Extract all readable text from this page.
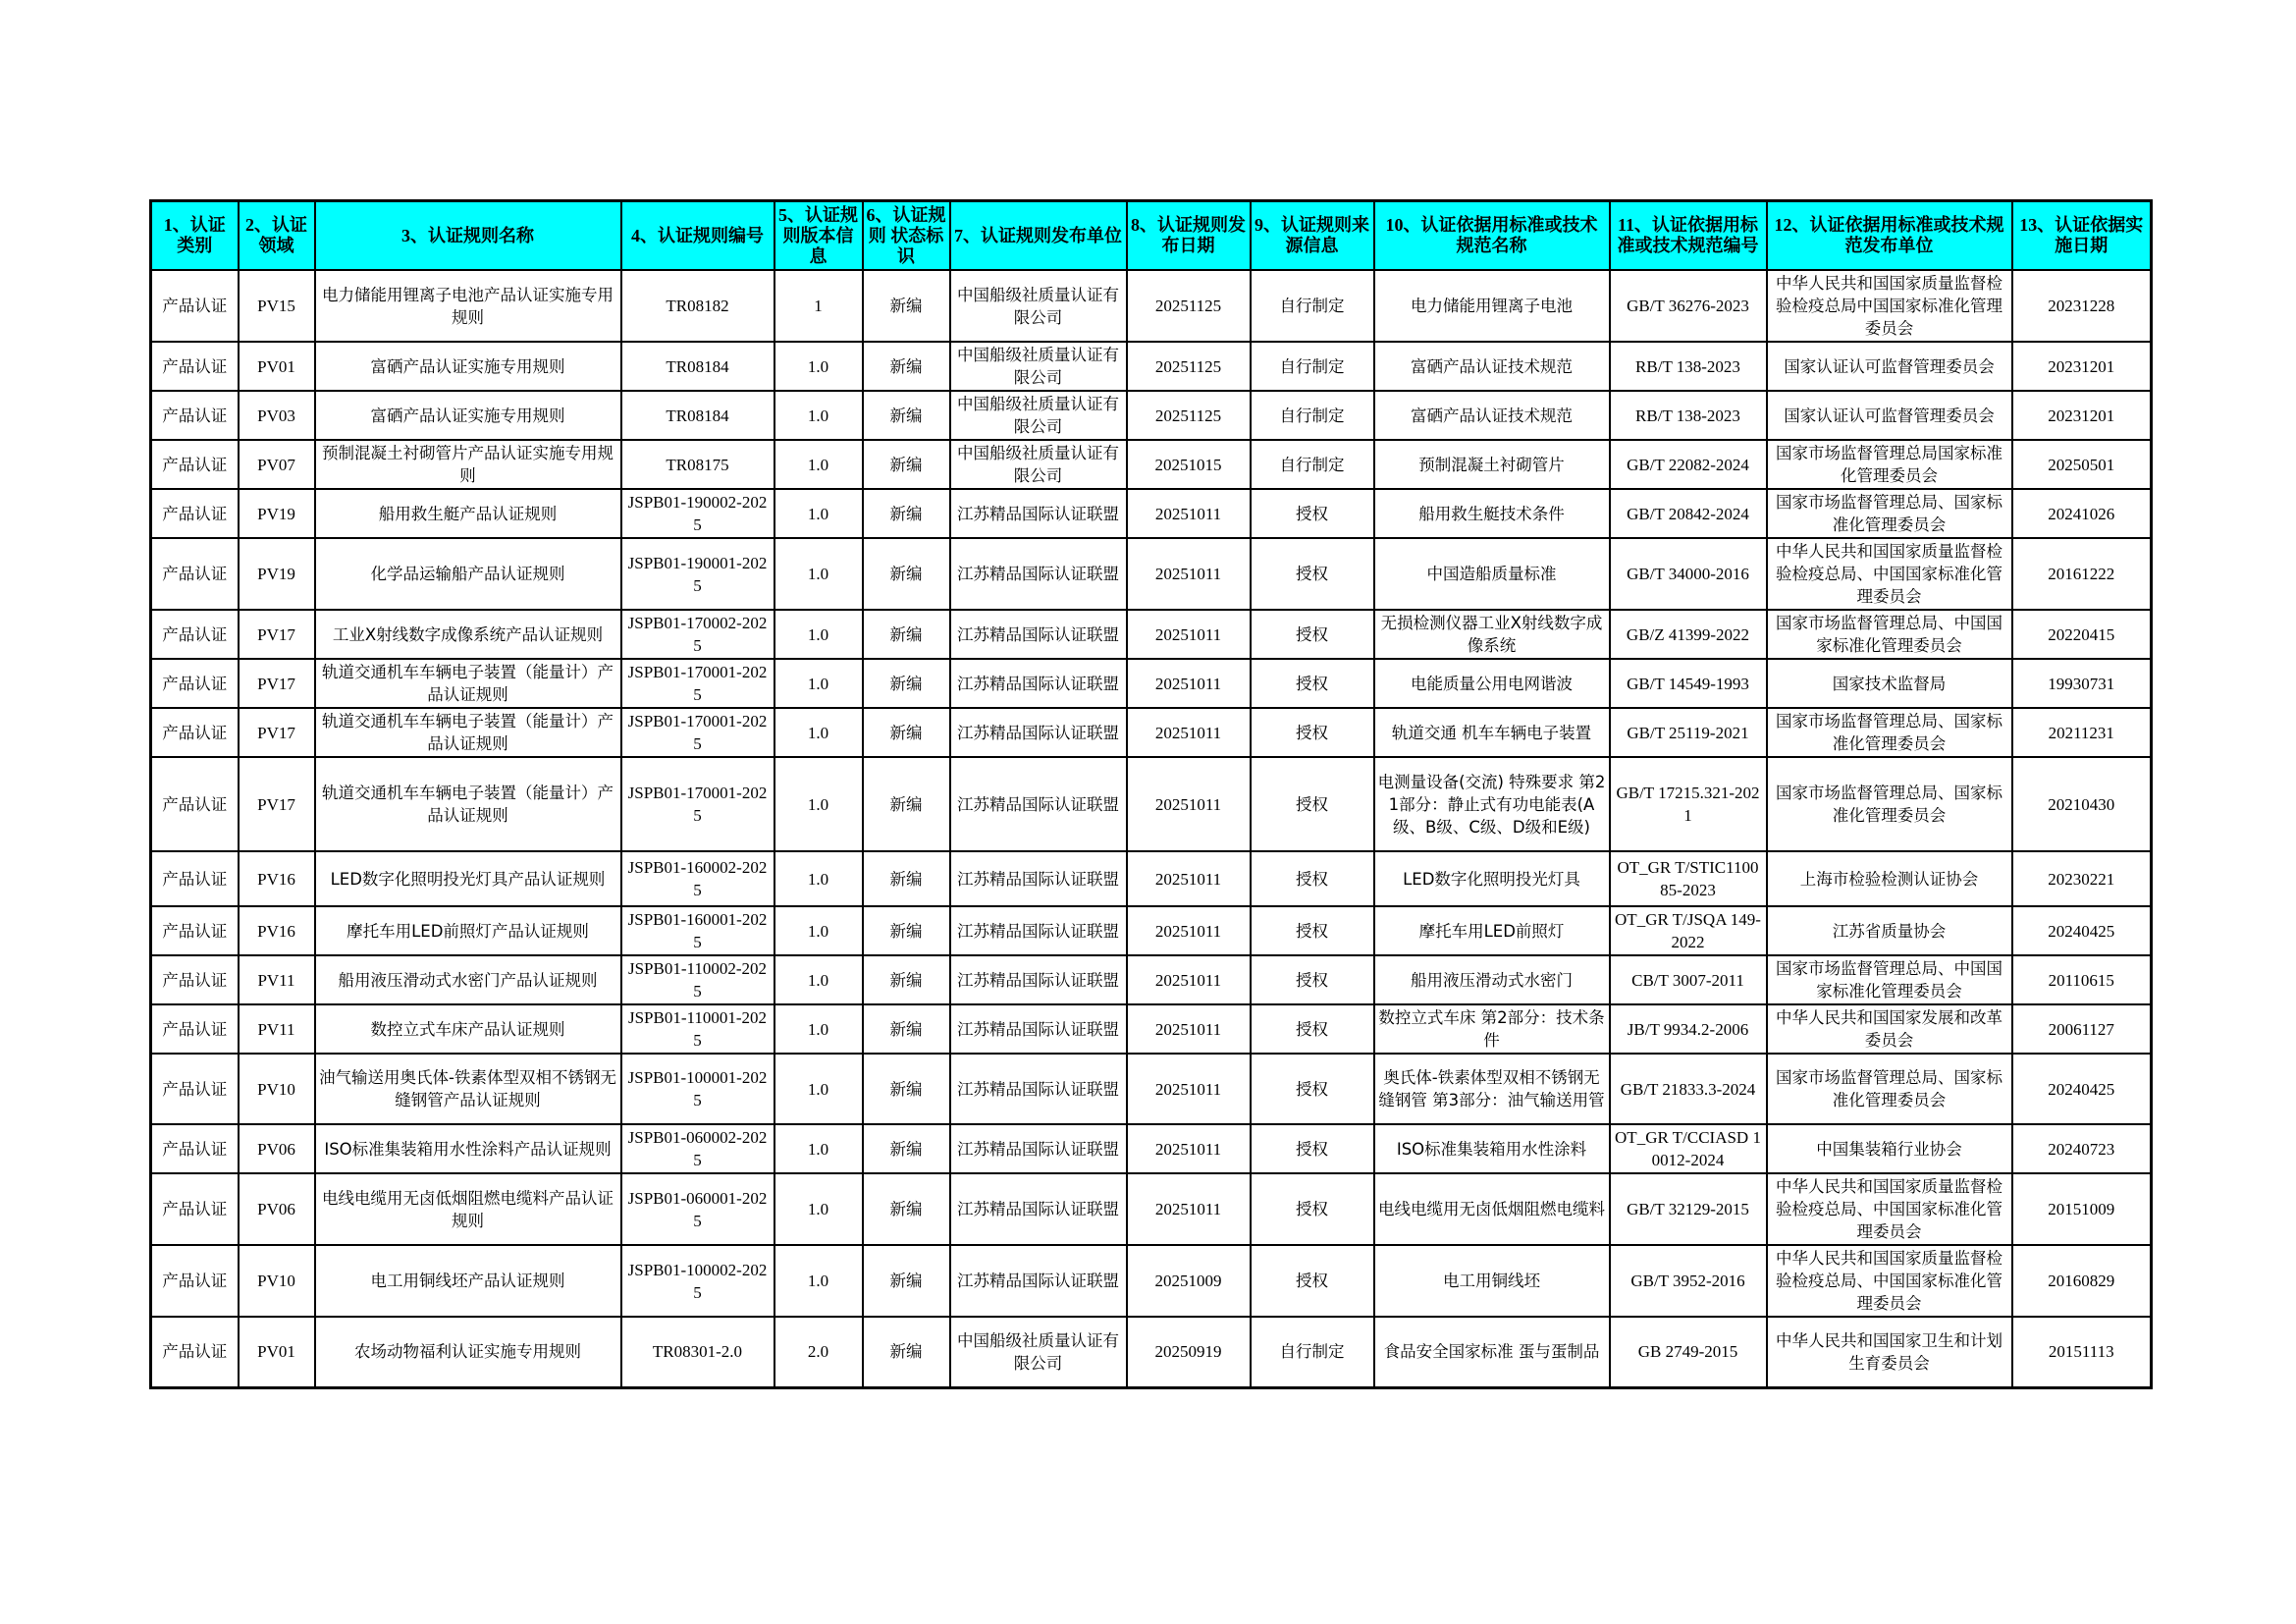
1、认证类别	2、认证领域	3、认证规则名称	4、认证规则编号	5、认证规则版本信息	6、认证规则 状态标识	7、认证规则发布单位	8、认证规则发布日期	9、认证规则来源信息	10、认证依据用标准或技术规范名称	11、认证依据用标准或技术规范编号	12、认证依据用标准或技术规范发布单位	13、认证依据实施日期
产品认证	PV15	电力储能用锂离子电池产品认证实施专用规则	TR08182	1	新编	中国船级社质量认证有限公司	20251125	自行制定	电力储能用锂离子电池	GB/T 36276-2023	中华人民共和国国家质量监督检验检疫总局中国国家标准化管理委员会	20231228
产品认证	PV01	富硒产品认证实施专用规则	TR08184	1.0	新编	中国船级社质量认证有限公司	20251125	自行制定	富硒产品认证技术规范	RB/T 138-2023	国家认证认可监督管理委员会	20231201
产品认证	PV03	富硒产品认证实施专用规则	TR08184	1.0	新编	中国船级社质量认证有限公司	20251125	自行制定	富硒产品认证技术规范	RB/T 138-2023	国家认证认可监督管理委员会	20231201
产品认证	PV07	预制混凝土衬砌管片产品认证实施专用规则	TR08175	1.0	新编	中国船级社质量认证有限公司	20251015	自行制定	预制混凝土衬砌管片	GB/T 22082-2024	国家市场监督管理总局国家标准化管理委员会	20250501
产品认证	PV19	船用救生艇产品认证规则	JSPB01-190002-2025	1.0	新编	江苏精品国际认证联盟	20251011	授权	船用救生艇技术条件	GB/T 20842-2024	国家市场监督管理总局、国家标准化管理委员会	20241026
产品认证	PV19	化学品运输船产品认证规则	JSPB01-190001-2025	1.0	新编	江苏精品国际认证联盟	20251011	授权	中国造船质量标准	GB/T 34000-2016	中华人民共和国国家质量监督检验检疫总局、中国国家标准化管理委员会	20161222
产品认证	PV17	工业X射线数字成像系统产品认证规则	JSPB01-170002-2025	1.0	新编	江苏精品国际认证联盟	20251011	授权	无损检测仪器工业X射线数字成像系统	GB/Z 41399-2022	国家市场监督管理总局、中国国家标准化管理委员会	20220415
产品认证	PV17	轨道交通机车车辆电子装置（能量计）产品认证规则	JSPB01-170001-2025	1.0	新编	江苏精品国际认证联盟	20251011	授权	电能质量公用电网谐波	GB/T 14549-1993	国家技术监督局	19930731
产品认证	PV17	轨道交通机车车辆电子装置（能量计）产品认证规则	JSPB01-170001-2025	1.0	新编	江苏精品国际认证联盟	20251011	授权	轨道交通 机车车辆电子装置	GB/T 25119-2021	国家市场监督管理总局、国家标准化管理委员会	20211231
产品认证	PV17	轨道交通机车车辆电子装置（能量计）产品认证规则	JSPB01-170001-2025	1.0	新编	江苏精品国际认证联盟	20251011	授权	电测量设备(交流) 特殊要求 第21部分：静止式有功电能表(A级、B级、C级、D级和E级)	GB/T 17215.321-2021	国家市场监督管理总局、国家标准化管理委员会	20210430
产品认证	PV16	LED数字化照明投光灯具产品认证规则	JSPB01-160002-2025	1.0	新编	江苏精品国际认证联盟	20251011	授权	LED数字化照明投光灯具	OT_GR T/STIC110085-2023	上海市检验检测认证协会	20230221
产品认证	PV16	摩托车用LED前照灯产品认证规则	JSPB01-160001-2025	1.0	新编	江苏精品国际认证联盟	20251011	授权	摩托车用LED前照灯	OT_GR T/JSQA 149-2022	江苏省质量协会	20240425
产品认证	PV11	船用液压滑动式水密门产品认证规则	JSPB01-110002-2025	1.0	新编	江苏精品国际认证联盟	20251011	授权	船用液压滑动式水密门	CB/T 3007-2011	国家市场监督管理总局、中国国家标准化管理委员会	20110615
产品认证	PV11	数控立式车床产品认证规则	JSPB01-110001-2025	1.0	新编	江苏精品国际认证联盟	20251011	授权	数控立式车床 第2部分：技术条件	JB/T 9934.2-2006	中华人民共和国国家发展和改革委员会	20061127
产品认证	PV10	油气输送用奥氏体-铁素体型双相不锈钢无缝钢管产品认证规则	JSPB01-100001-2025	1.0	新编	江苏精品国际认证联盟	20251011	授权	奥氏体-铁素体型双相不锈钢无缝钢管 第3部分：油气输送用管	GB/T 21833.3-2024	国家市场监督管理总局、国家标准化管理委员会	20240425
产品认证	PV06	ISO标准集装箱用水性涂料产品认证规则	JSPB01-060002-2025	1.0	新编	江苏精品国际认证联盟	20251011	授权	ISO标准集装箱用水性涂料	OT_GR T/CCIASD 10012-2024	中国集装箱行业协会	20240723
产品认证	PV06	电线电缆用无卤低烟阻燃电缆料产品认证规则	JSPB01-060001-2025	1.0	新编	江苏精品国际认证联盟	20251011	授权	电线电缆用无卤低烟阻燃电缆料	GB/T 32129-2015	中华人民共和国国家质量监督检验检疫总局、中国国家标准化管理委员会	20151009
产品认证	PV10	电工用铜线坯产品认证规则	JSPB01-100002-2025	1.0	新编	江苏精品国际认证联盟	20251009	授权	电工用铜线坯	GB/T 3952-2016	中华人民共和国国家质量监督检验检疫总局、中国国家标准化管理委员会	20160829
产品认证	PV01	农场动物福利认证实施专用规则	TR08301-2.0	2.0	新编	中国船级社质量认证有限公司	20250919	自行制定	食品安全国家标准 蛋与蛋制品	GB 2749-2015	中华人民共和国国家卫生和计划生育委员会	20151113
